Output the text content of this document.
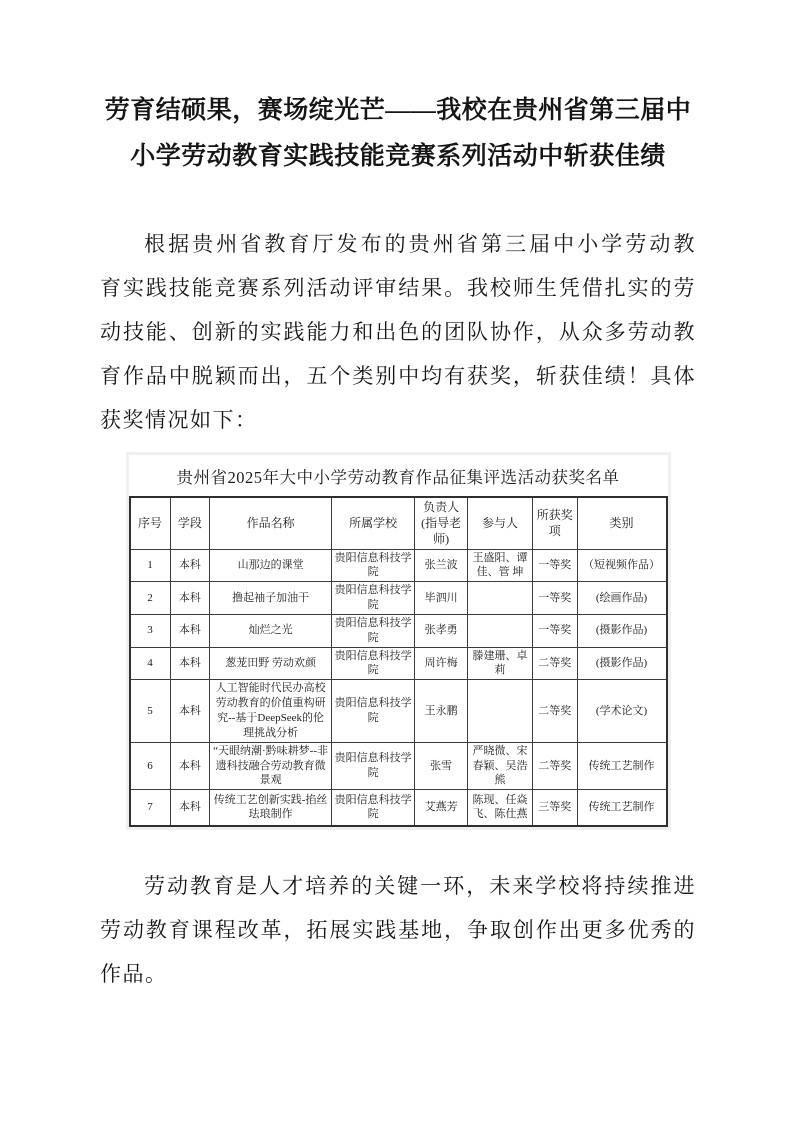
劳育结硕果，赛场绽光芒——我校在贵州省第三届中
小学劳动教育实践技能竞赛系列活动中斩获佳绩
根据贵州省教育厅发布的贵州省第三届中小学劳动教
育实践技能竞赛系列活动评审结果。我校师生凭借扎实的劳
动技能、创新的实践能力和出色的团队协作，从众多劳动教
育作品中脱颖而出，五个类别中均有获奖，斩获佳绩！具体
获奖情况如下：
贵州省2025年大中小学劳动教育作品征集评选活动获奖名单
序号	学段	作品名称	所属学校	负责人(指导老师)	参与人	所获奖项	类别
1	本科	山那边的课堂	贵阳信息科技学院	张兰波	王盛阳、谭 佳、管 坤	一等奖	（短视频作品）
2	本科	撸起袖子加油干	贵阳信息科技学院	毕泗川		一等奖	(绘画作品)
3	本科	灿烂之光	贵阳信息科技学院	张孝勇		一等奖	(摄影作品)
4	本科	葱茏田野 劳动欢颜	贵阳信息科技学院	周许梅	滕建珊、卓 莉	二等奖	(摄影作品)
5	本科	人工智能时代民办高校劳动教育的价值重构研究--基于DeepSeek的伦理挑战分析	贵阳信息科技学院	王永鹏		二等奖	(学术论文)
6	本科	“天眼纳潮·黔味耕梦--非遗科技融合劳动教育微景观	贵阳信息科技学院	张雪	严晓微、宋春颖、吴浩熊	二等奖	传统工艺制作
7	本科	传统工艺创新实践-掐丝珐琅制作	贵阳信息科技学院	艾燕芳	陈现、任焱飞、陈仕燕	三等奖	传统工艺制作
劳动教育是人才培养的关键一环，未来学校将持续推进
劳动教育课程改革，拓展实践基地，争取创作出更多优秀的
作品。
